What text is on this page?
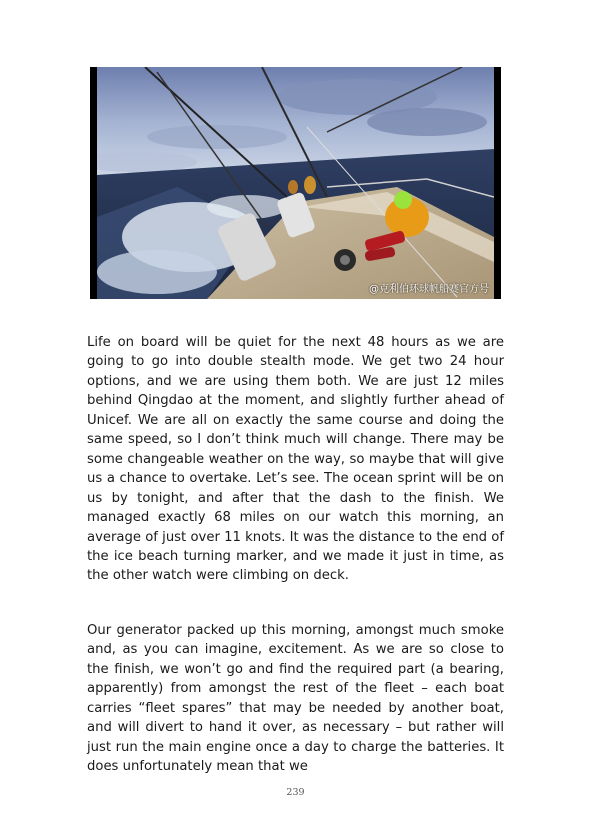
@克利伯环球帆船赛官方号

Life on board will be quiet for the next 48 hours as we are going to go into double stealth mode. We get two 24 hour options, and we are using them both. We are just 12 miles behind Qingdao at the moment, and slightly further ahead of Unicef. We are all on exactly the same course and doing the same speed, so I don’t think much will change. There may be some changeable weather on the way, so maybe that will give us a chance to overtake. Let’s see. The ocean sprint will be on us by tonight, and after that the dash to the finish. We managed exactly 68 miles on our watch this morning, an average of just over 11 knots. It was the distance to the end of the ice beach turning marker, and we made it just in time, as the other watch were climbing on deck.

Our generator packed up this morning, amongst much smoke and, as you can imagine, excitement. As we are so close to the finish, we won’t go and find the required part (a bearing, apparently) from amongst the rest of the fleet – each boat carries “fleet spares” that may be needed by another boat, and will divert to hand it over, as necessary – but rather will just run the main engine once a day to charge the batteries. It does unfortunately mean that we

239
